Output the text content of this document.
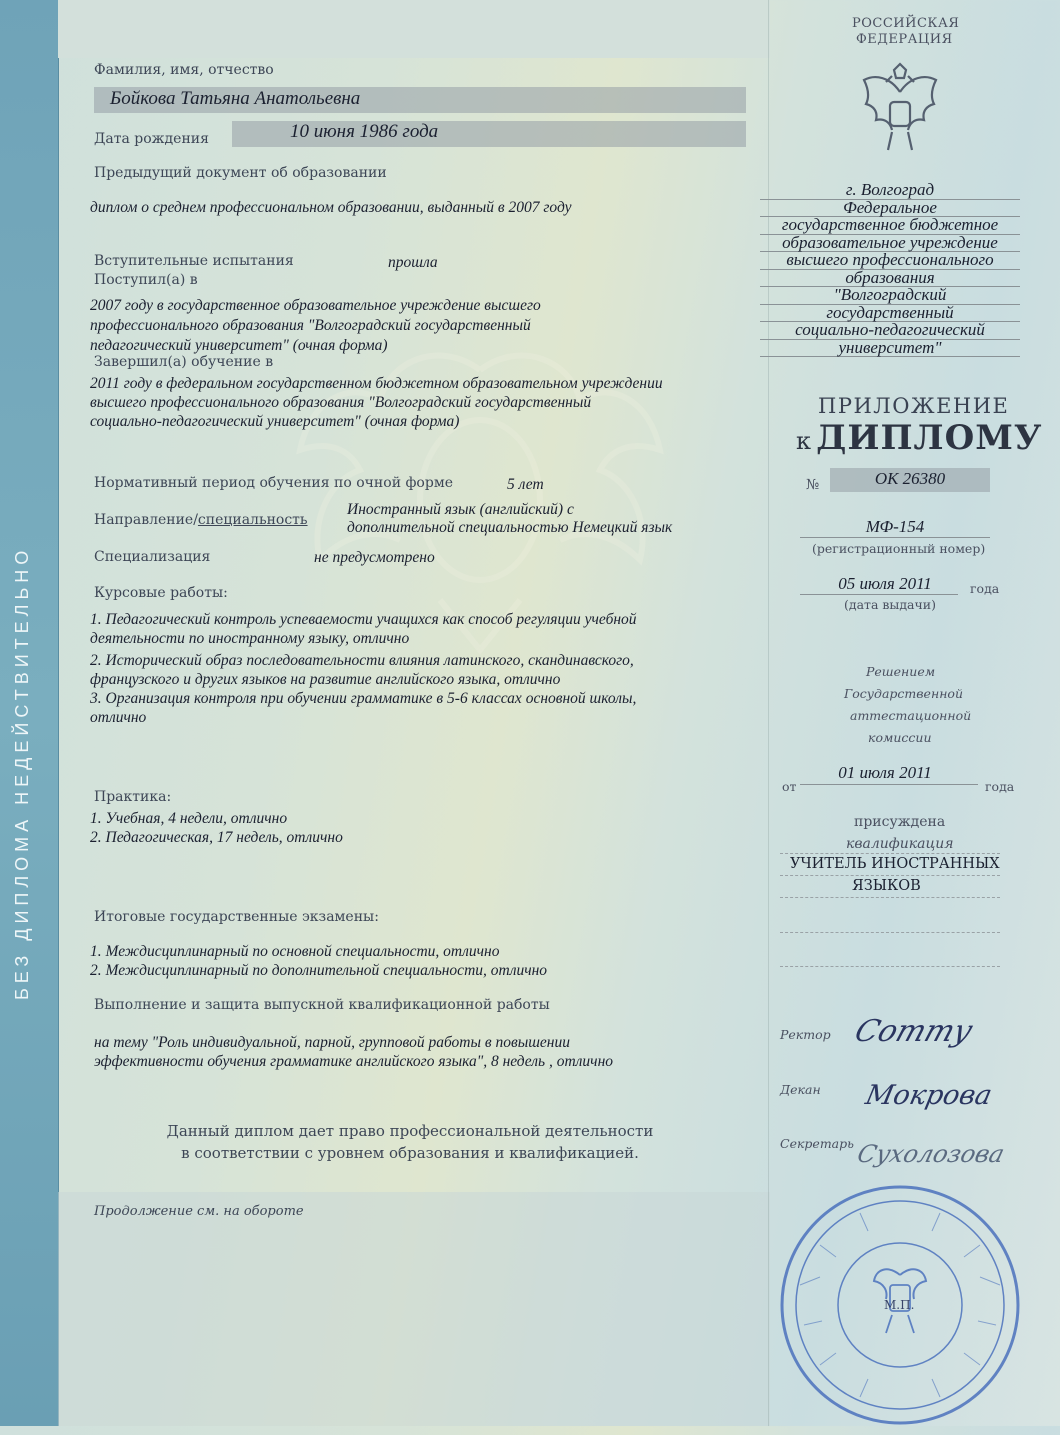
БЕЗ ДИПЛОМА НЕДЕЙСТВИТЕЛЬНО
Фамилия, имя, отчество
Бойкова Татьяна Анатольевна
Дата рождения	10 июня 1986 года
Предыдущий документ об образовании
диплом о среднем профессиональном образовании, выданный в 2007 году
Вступительные испытания	прошла
Поступил(а) в
2007 году в государственное образовательное учреждение высшего
профессионального образования "Волгоградский государственный
педагогический университет" (очная форма)
Завершил(а) обучение в
2011 году в федеральном государственном бюджетном образовательном учреждении
высшего профессионального образования "Волгоградский государственный
социально-педагогический университет" (очная форма)
Нормативный период обучения по очной форме	5 лет
Направление/специальность
Иностранный язык (английский) с
дополнительной специальностью Немецкий язык
Специализация	не предусмотрено
Курсовые работы:
1. Педагогический контроль успеваемости учащихся как способ регуляции учебной
деятельности по иностранному языку, отлично
2. Исторический образ последовательности влияния латинского, скандинавского,
французского и других языков на развитие английского языка, отлично
3. Организация контроля при обучении грамматике в 5-6 классах основной школы,
отлично
Практика:
1. Учебная, 4 недели, отлично
2. Педагогическая, 17 недель, отлично
Итоговые государственные экзамены:
1. Междисциплинарный по основной специальности, отлично
2. Междисциплинарный по дополнительной специальности, отлично
Выполнение и защита выпускной квалификационной работы
на тему "Роль индивидуальной, парной, групповой работы в повышении
эффективности обучения грамматике английского языка", 8 недель , отлично
Данный диплом дает право профессиональной деятельности
в соответствии с уровнем образования и квалификацией.
Продолжение см. на обороте
РОССИЙСКАЯ
ФЕДЕРАЦИЯ
г. Волгоград
Федеральное
государственное бюджетное
образовательное учреждение
высшего профессионального
образования
"Волгоградский
государственный
социально-педагогический
университет"
ПРИЛОЖЕНИЕ
к ДИПЛОМУ
№	ОК 26380
МФ-154
(регистрационный номер)
05 июля 2011	года
(дата выдачи)
Решением
Государственной
аттестационной
комиссии
от
01 июля 2011
года
присуждена
квалификация
УЧИТЕЛЬ ИНОСТРАННЫХ
ЯЗЫКОВ
Ректор Сотту
Декан Мокрова
Секретарь Сухолозова
М.П.
